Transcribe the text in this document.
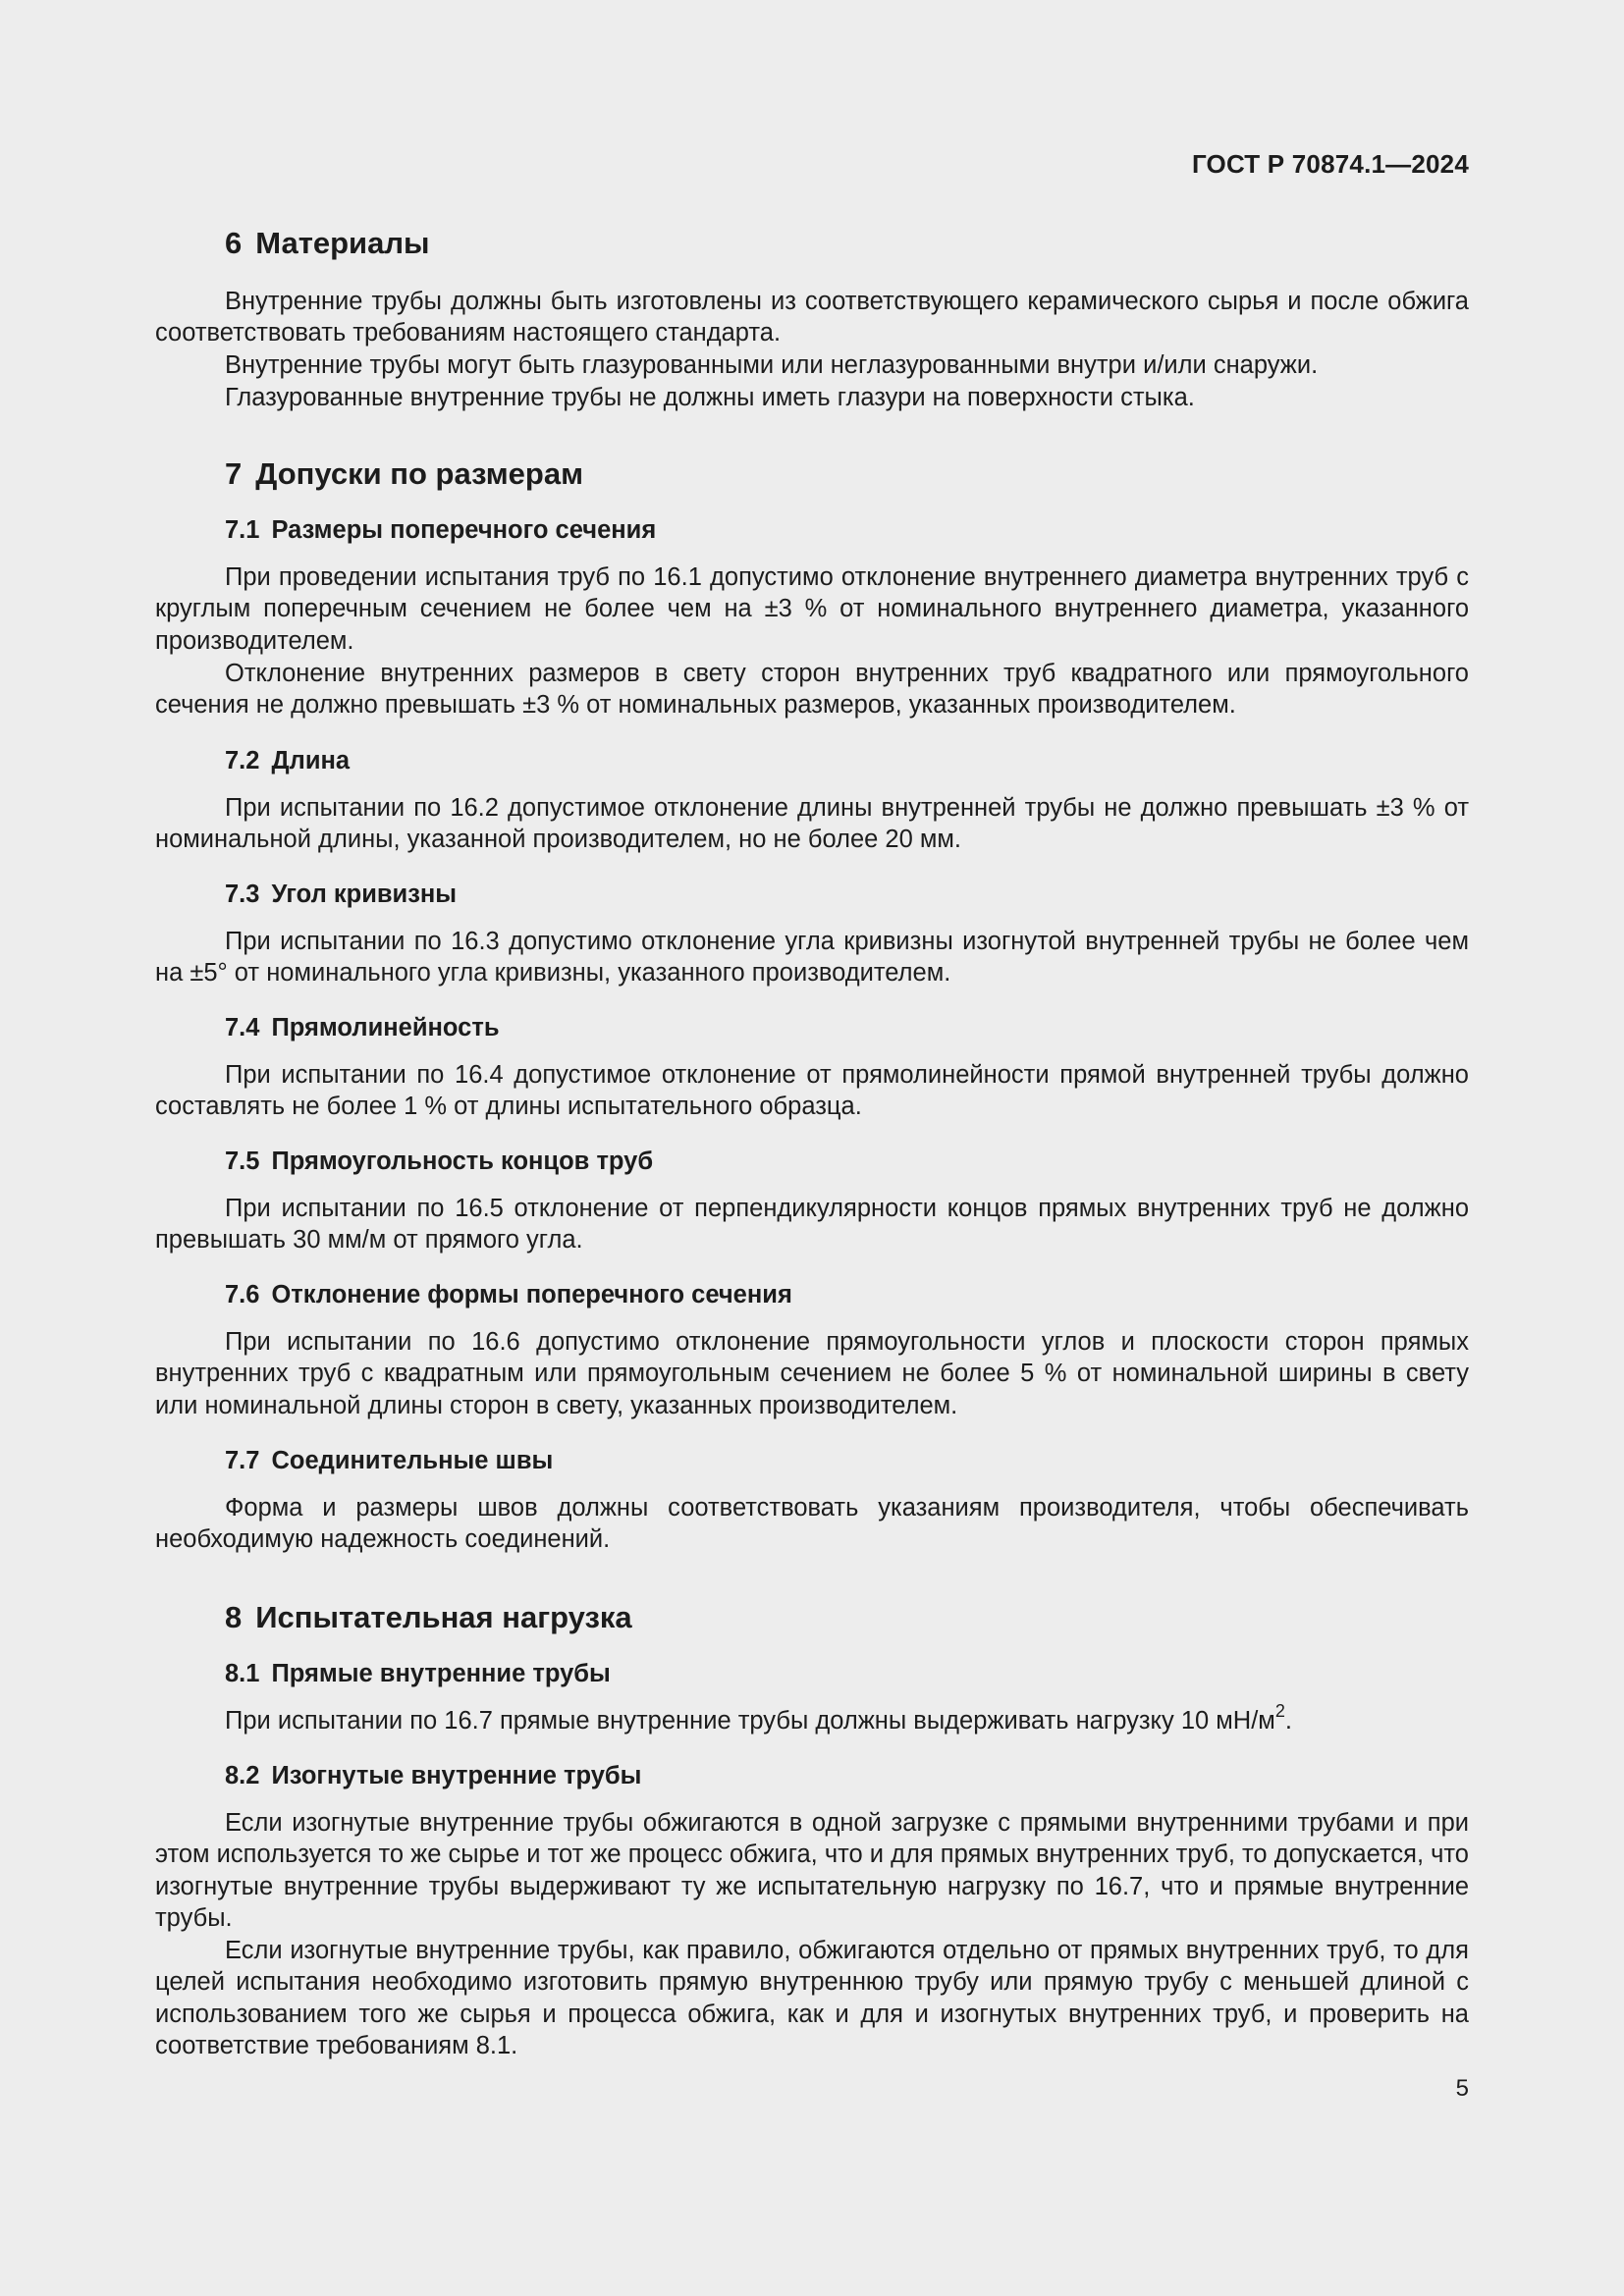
ГОСТ Р 70874.1—2024
6 Материалы

Внутренние трубы должны быть изготовлены из соответствующего керамического сырья и после обжига соответствовать требованиям настоящего стандарта.

Внутренние трубы могут быть глазурованными или неглазурованными внутри и/или снаружи.

Глазурованные внутренние трубы не должны иметь глазури на поверхности стыка.

7 Допуски по размерам
7.1 Размеры поперечного сечения

При проведении испытания труб по 16.1 допустимо отклонение внутреннего диаметра внутренних труб с круглым поперечным сечением не более чем на ±3 % от номинального внутреннего диаметра, указанного производителем.

Отклонение внутренних размеров в свету сторон внутренних труб квадратного или прямоугольного сечения не должно превышать ±3 % от номинальных размеров, указанных производителем.

7.2 Длина

При испытании по 16.2 допустимое отклонение длины внутренней трубы не должно превышать ±3 % от номинальной длины, указанной производителем, но не более 20 мм.

7.3 Угол кривизны

При испытании по 16.3 допустимо отклонение угла кривизны изогнутой внутренней трубы не более чем на ±5° от номинального угла кривизны, указанного производителем.

7.4 Прямолинейность

При испытании по 16.4 допустимое отклонение от прямолинейности прямой внутренней трубы должно составлять не более 1 % от длины испытательного образца.

7.5 Прямоугольность концов труб

При испытании по 16.5 отклонение от перпендикулярности концов прямых внутренних труб не должно превышать 30 мм/м от прямого угла.

7.6 Отклонение формы поперечного сечения

При испытании по 16.6 допустимо отклонение прямоугольности углов и плоскости сторон прямых внутренних труб с квадратным или прямоугольным сечением не более 5 % от номинальной ширины в свету или номинальной длины сторон в свету, указанных производителем.

7.7 Соединительные швы

Форма и размеры швов должны соответствовать указаниям производителя, чтобы обеспечивать необходимую надежность соединений.

8 Испытательная нагрузка
8.1 Прямые внутренние трубы

При испытании по 16.7 прямые внутренние трубы должны выдерживать нагрузку 10 $мН/м^2$.

8.2 Изогнутые внутренние трубы

Если изогнутые внутренние трубы обжигаются в одной загрузке с прямыми внутренними трубами и при этом используется то же сырье и тот же процесс обжига, что и для прямых внутренних труб, то допускается, что изогнутые внутренние трубы выдерживают ту же испытательную нагрузку по 16.7, что и прямые внутренние трубы.

Если изогнутые внутренние трубы, как правило, обжигаются отдельно от прямых внутренних труб, то для целей испытания необходимо изготовить прямую внутреннюю трубу или прямую трубу с меньшей длиной с использованием того же сырья и процесса обжига, как и для и изогнутых внутренних труб, и проверить на соответствие требованиям 8.1.

5
